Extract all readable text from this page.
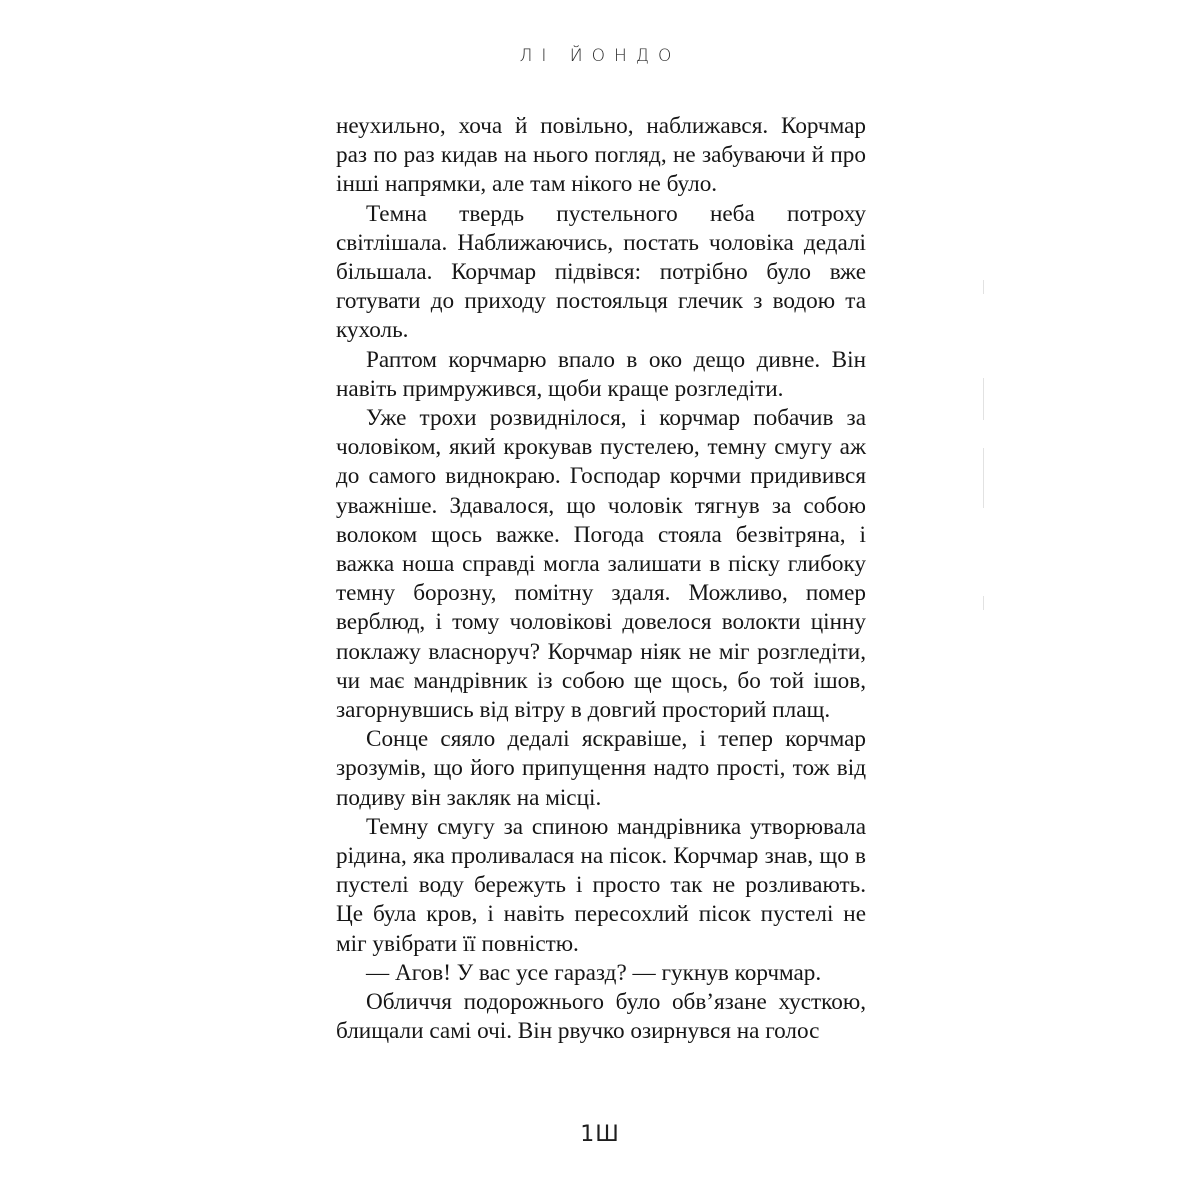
ЛІ ЙОНДО

неухильно, хоча й повільно, наближався. Корчмар раз по раз кидав на нього погляд, не забуваючи й про інші напрямки, але там нікого не було.

Темна твердь пустельного неба потроху світлішала. Наближаючись, постать чоловіка дедалі більшала. Корчмар підвівся: потрібно було вже готувати до приходу постояльця глечик з водою та кухоль.

Раптом корчмарю впало в око дещо дивне. Він навіть примружився, щоби краще розгледіти.

Уже трохи розвиднілося, і корчмар побачив за чоловіком, який крокував пустелею, темну смугу аж до самого виднокраю. Господар корчми придивився уважніше. Здавалося, що чоловік тягнув за собою волоком щось важке. Погода стояла безвітряна, і важка ноша справді могла залишати в піску глибоку темну борозну, помітну здаля. Можливо, помер верблюд, і тому чоловікові довелося волокти цінну поклажу власноруч? Корчмар ніяк не міг розгледіти, чи має мандрівник із собою ще щось, бо той ішов, загорнувшись від вітру в довгий просторий плащ.

Сонце сяяло дедалі яскравіше, і тепер корчмар зрозумів, що його припущення надто прості, тож від подиву він закляк на місці.

Темну смугу за спиною мандрівника утворювала рідина, яка проливалася на пісок. Корчмар знав, що в пустелі воду бережуть і просто так не розливають. Це була кров, і навіть пересохлий пісок пустелі не міг увібрати її повністю.

— Агов! У вас усе гаразд? — гукнув корчмар.

Обличчя подорожнього було обв’язане хусткою, блищали самі очі. Він рвучко озирнувся на голос

1Ш
